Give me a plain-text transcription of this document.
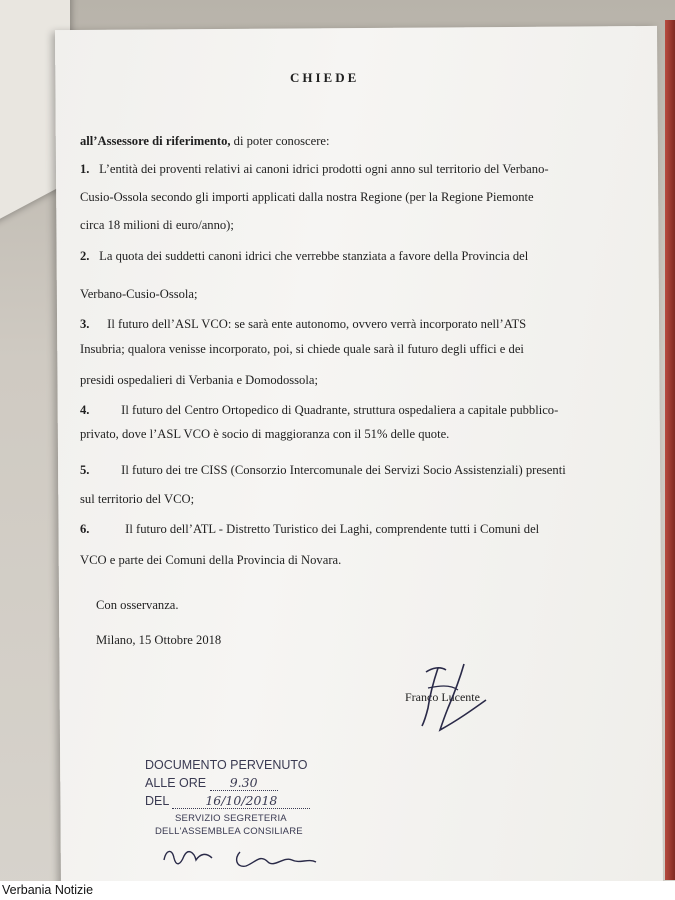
CHIEDE
all’Assessore di riferimento, di poter conoscere:
1. L’entità dei proventi relativi ai canoni idrici prodotti ogni anno sul territorio del Verbano-
Cusio-Ossola secondo gli importi applicati dalla nostra Regione (per la Regione Piemonte
circa 18 milioni di euro/anno);
2. La quota dei suddetti canoni idrici che verrebbe stanziata a favore della Provincia del
Verbano-Cusio-Ossola;
3. Il futuro dell’ASL VCO: se sarà ente autonomo, ovvero verrà incorporato nell’ATS
Insubria; qualora venisse incorporato, poi, si chiede quale sarà il futuro degli uffici e dei
presidi ospedalieri di Verbania e Domodossola;
4.	Il futuro del Centro Ortopedico di Quadrante, struttura ospedaliera a capitale pubblico-
privato, dove l’ASL VCO è socio di maggioranza con il 51% delle quote.
5.	Il futuro dei tre CISS (Consorzio Intercomunale dei Servizi Socio Assistenziali) presenti
sul territorio del VCO;
6.	Il futuro dell’ATL - Distretto Turistico dei Laghi, comprendente tutti i Comuni del
VCO e parte dei Comuni della Provincia di Novara.
Con osservanza.
Milano, 15 Ottobre 2018
Franco Lucente
DOCUMENTO PERVENUTO
ALLE ORE 9.30
DEL	16/10/2018
SERVIZIO SEGRETERIA
DELL'ASSEMBLEA CONSILIARE
Verbania Notizie
